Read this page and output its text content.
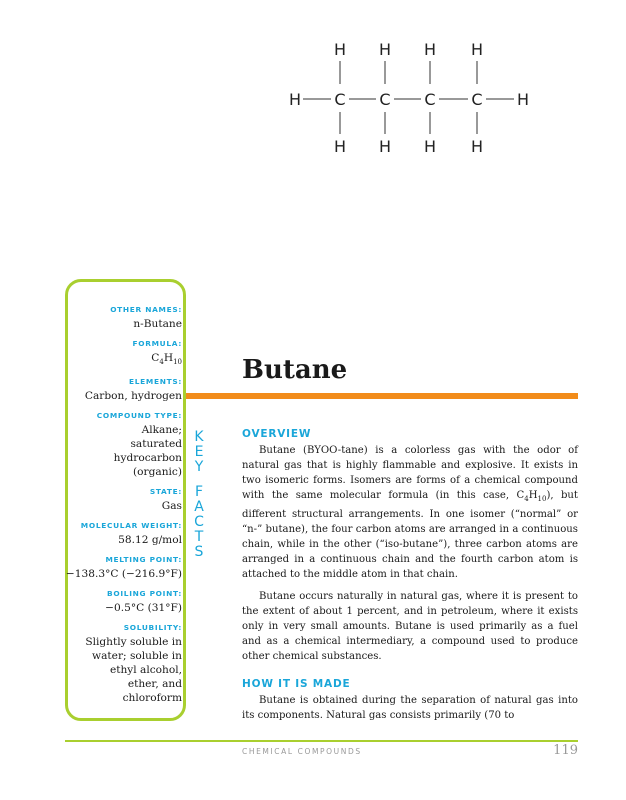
H H H H
H C C C C H
H H H H

OTHER NAMES:

n-Butane

FORMULA:

$C_4H_{10}$

ELEMENTS:

Carbon, hydrogen

COMPOUND TYPE:

Alkane; saturated hydrocarbon (organic)

STATE:

Gas

MOLECULAR WEIGHT:

58.12 g/mol

MELTING POINT:

−138.3°C (−216.9°F)

BOILING POINT:

−0.5°C (31°F)

SOLUBILITY:

Slightly soluble in water; soluble in ethyl alcohol, ether, and chloroform

K
E
Y
F
A
C
T
S
Butane

OVERVIEW

Butane (BYOO-tane) is a colorless gas with the odor of natural gas that is highly flammable and explosive. It exists in two isomeric forms. Isomers are forms of a chemical compound with the same molecular formula (in this case, $C_4H_{10}$), but different structural arrangements. In one isomer (“normal” or “n-” butane), the four carbon atoms are arranged in a continuous chain, while in the other (“iso-butane”), three carbon atoms are arranged in a continuous chain and the fourth carbon atom is attached to the middle atom in that chain.

Butane occurs naturally in natural gas, where it is present to the extent of about 1 percent, and in petroleum, where it exists only in very small amounts. Butane is used primarily as a fuel and as a chemical intermediary, a compound used to produce other chemical substances.

HOW IT IS MADE

Butane is obtained during the separation of natural gas into its components. Natural gas consists primarily (70 to

CHEMICAL COMPOUNDS	119
